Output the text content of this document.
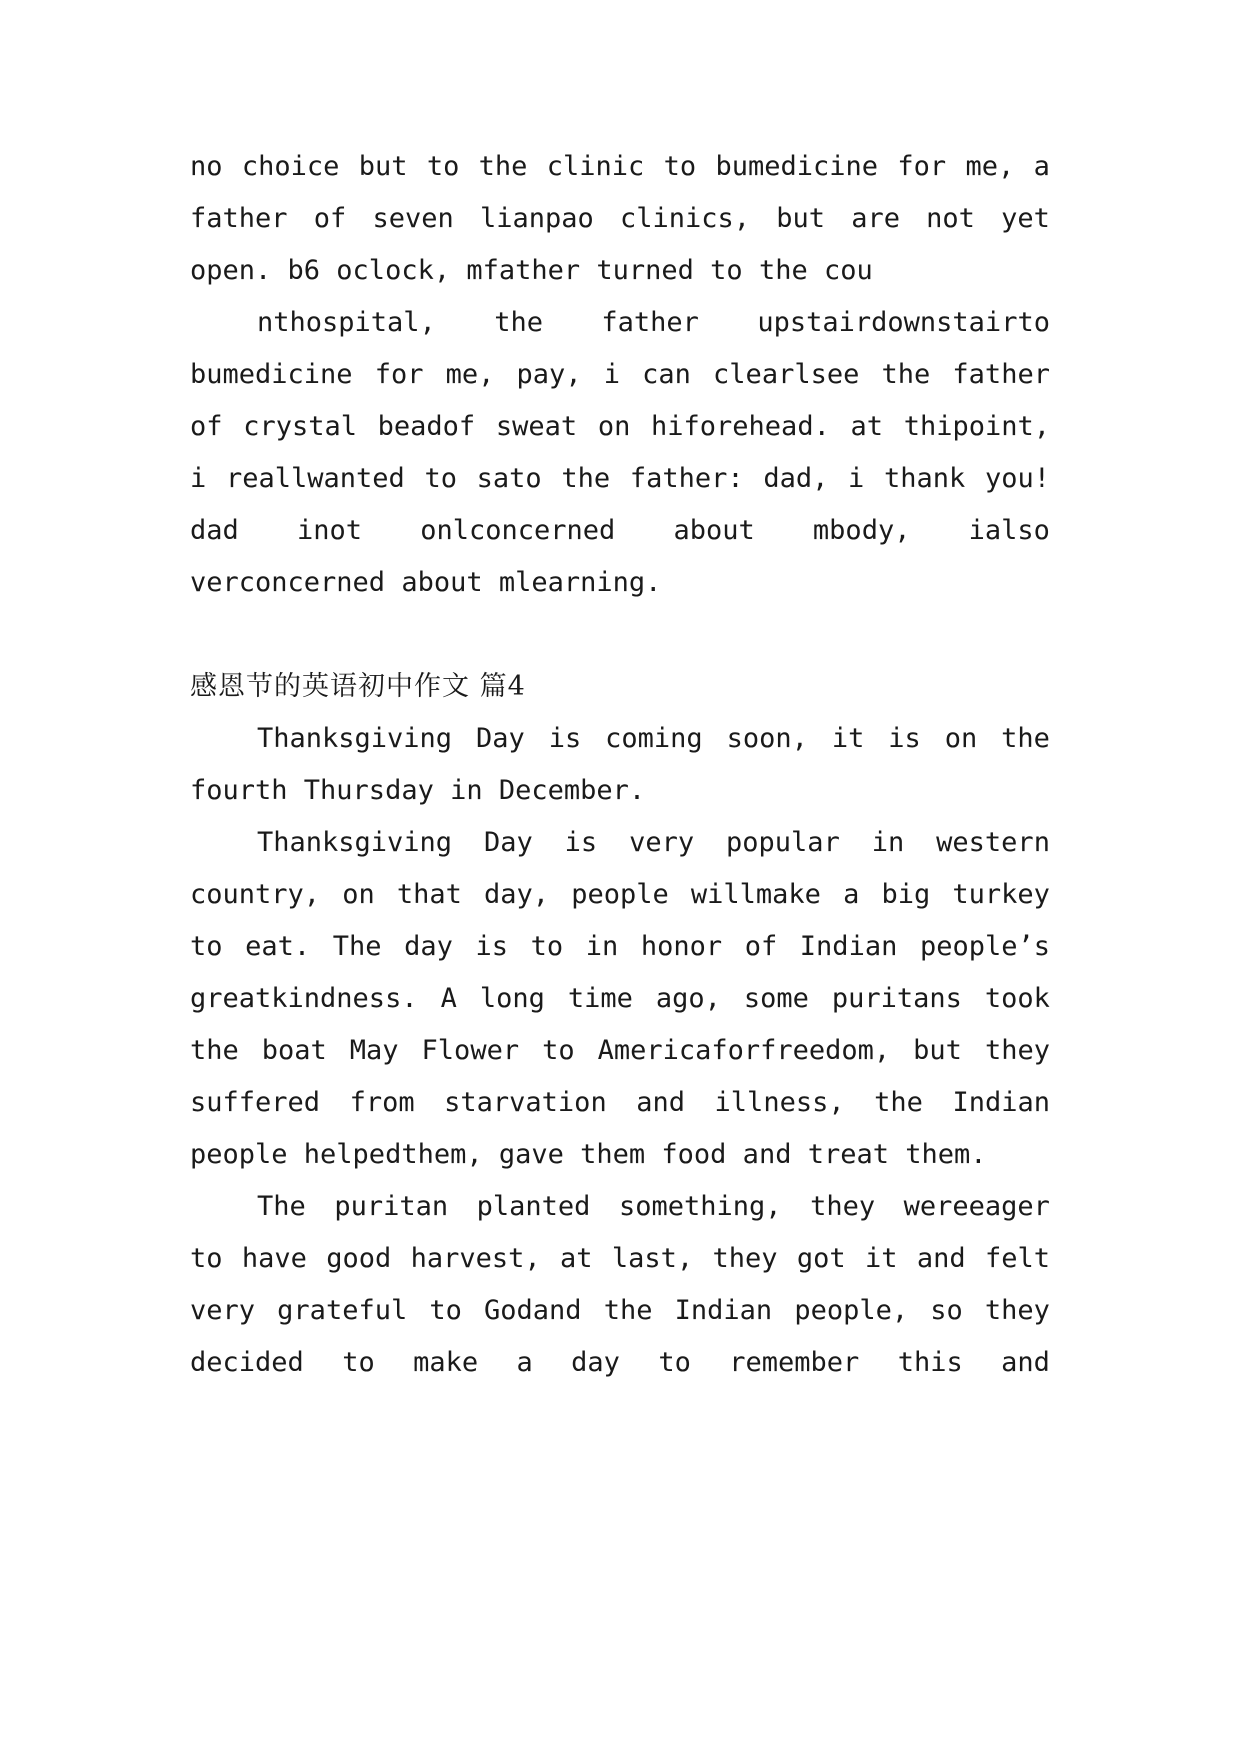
no choice but to the clinic to bumedicine for me, a
father of seven lianpao clinics, but are not yet
open. b6 oclock, mfather turned to the cou
nthospital, the father upstairdownstairto
bumedicine for me, pay, i can clearlsee the father
of crystal beadof sweat on hiforehead. at thipoint,
i reallwanted to sato the father: dad, i thank you!
dad inot onlconcerned about mbody, ialso
verconcerned about mlearning.
感恩节的英语初中作文 篇4
Thanksgiving Day is coming soon, it is on the
fourth Thursday in December.
Thanksgiving Day is very popular in western
country, on that day, people willmake a big turkey
to eat. The day is to in honor of Indian people’s
greatkindness. A long time ago, some puritans took
the boat May Flower to Americaforfreedom, but they
suffered from starvation and illness, the Indian
people helpedthem, gave them food and treat them.
The puritan planted something, they wereeager
to have good harvest, at last, they got it and felt
very grateful to Godand the Indian people, so they
decided to make a day to remember this and
